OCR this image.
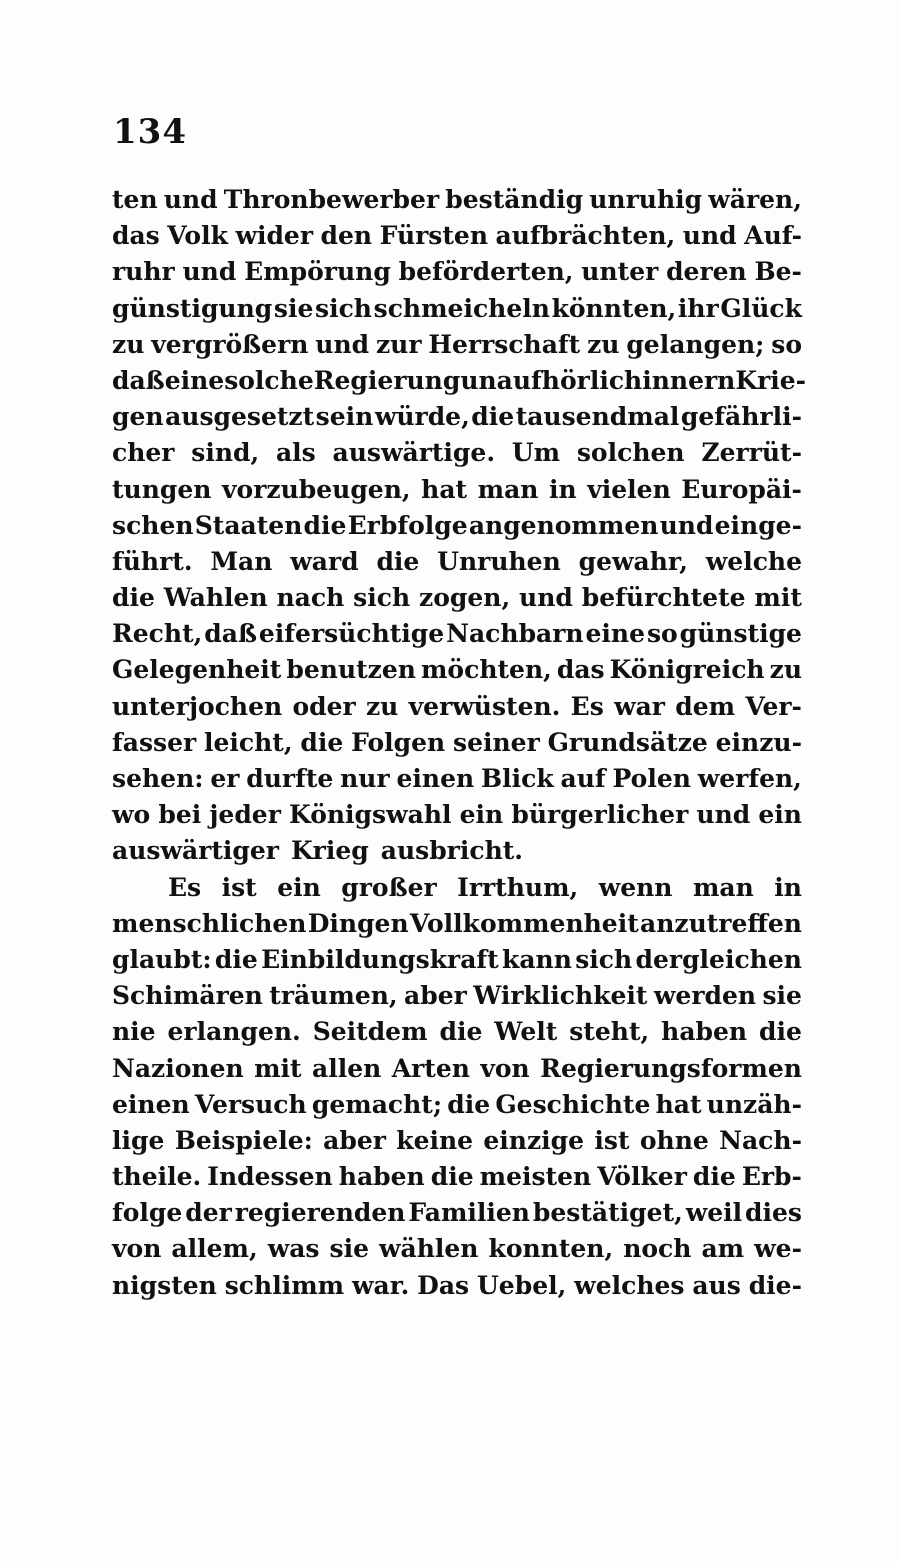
134
ten und Thronbewerber beständig unruhig wären,
das Volk wider den Fürsten aufbrächten, und Auf-
ruhr und Empörung beförderten, unter deren Be-
günstigung sie sich schmeicheln könnten, ihr Glück
zu vergrößern und zur Herrschaft zu gelangen; so
daß eine solche Regierung unaufhörlich innern Krie-
gen ausgesetzt sein würde, die tausendmal gefährli-
cher sind, als auswärtige. Um solchen Zerrüt-
tungen vorzubeugen, hat man in vielen Europäi-
schen Staaten die Erbfolge angenommen und einge-
führt. Man ward die Unruhen gewahr, welche
die Wahlen nach sich zogen, und befürchtete mit
Recht, daß eifersüchtige Nachbarn eine so günstige
Gelegenheit benutzen möchten, das Königreich zu
unterjochen oder zu verwüsten. Es war dem Ver-
fasser leicht, die Folgen seiner Grundsätze einzu-
sehen: er durfte nur einen Blick auf Polen werfen,
wo bei jeder Königswahl ein bürgerlicher und ein
auswärtiger Krieg ausbricht.
Es ist ein großer Irrthum, wenn man in
menschlichen Dingen Vollkommenheit anzutreffen
glaubt: die Einbildungskraft kann sich dergleichen
Schimären träumen, aber Wirklichkeit werden sie
nie erlangen. Seitdem die Welt steht, haben die
Nazionen mit allen Arten von Regierungsformen
einen Versuch gemacht; die Geschichte hat unzäh-
lige Beispiele: aber keine einzige ist ohne Nach-
theile. Indessen haben die meisten Völker die Erb-
folge der regierenden Familien bestätiget, weil dies
von allem, was sie wählen konnten, noch am we-
nigsten schlimm war. Das Uebel, welches aus die-
